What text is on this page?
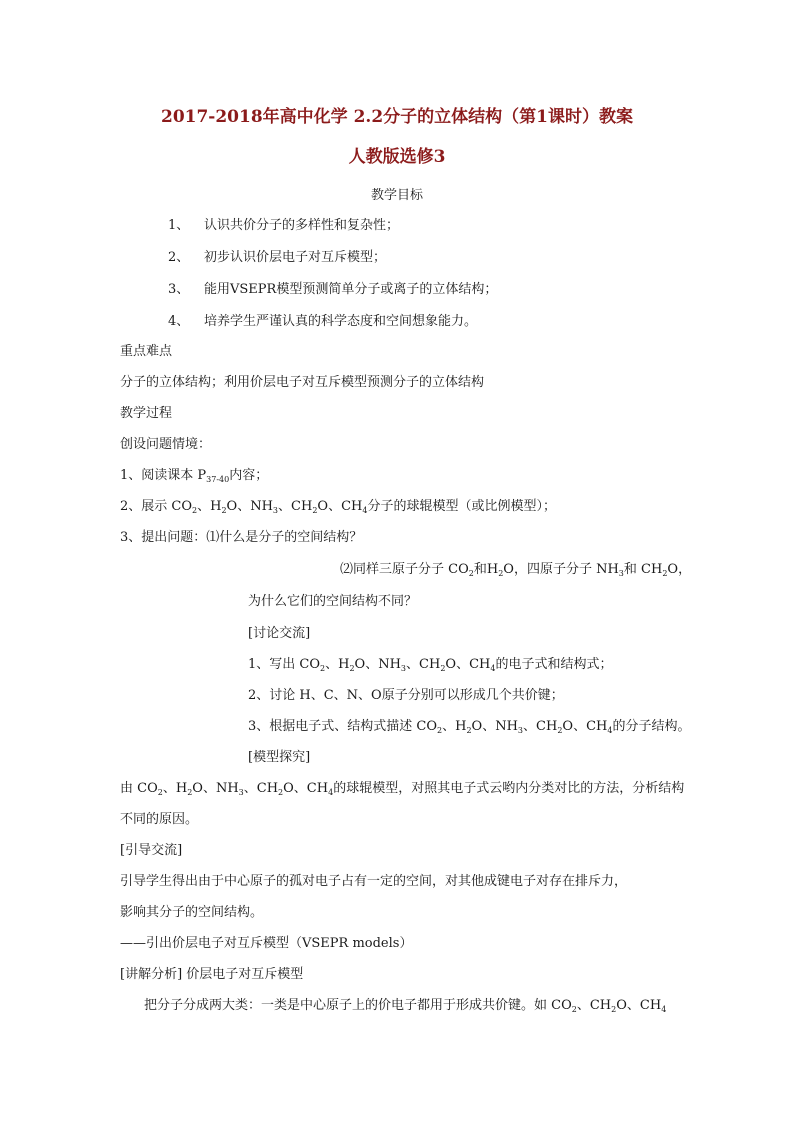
2017-2018年高中化学 2.2分子的立体结构（第1课时）教案
人教版选修3
教学目标
1、 认识共价分子的多样性和复杂性；
2、 初步认识价层电子对互斥模型；
3、 能用VSEPR模型预测简单分子或离子的立体结构；
4、 培养学生严谨认真的科学态度和空间想象能力。
重点难点
分子的立体结构；利用价层电子对互斥模型预测分子的立体结构
教学过程
创设问题情境：
1、阅读课本 $P_{37-40}$内容；
2、展示 $CO_2$、$H_2O$、$NH_3$、$CH_2O$、$CH_4$分子的球辊模型（或比例模型）；
3、提出问题：⑴什么是分子的空间结构？
⑵同样三原子分子 $CO_2$和$H_2O$，四原子分子 $NH_3$和 $CH_2O$，
为什么它们的空间结构不同？
[讨论交流]
1、写出 $CO_2$、$H_2O$、$NH_3$、$CH_2O$、$CH_4$的电子式和结构式；
2、讨论 H、C、N、O原子分别可以形成几个共价键；
3、根据电子式、结构式描述 $CO_2$、$H_2O$、$NH_3$、$CH_2O$、$CH_4$的分子结构。
[模型探究]
由 $CO_2$、$H_2O$、$NH_3$、$CH_2O$、$CH_4$的球辊模型，对照其电子式云哟内分类对比的方法，分析结构
不同的原因。
[引导交流]
引导学生得出由于中心原子的孤对电子占有一定的空间，对其他成键电子对存在排斥力，
影响其分子的空间结构。
——引出价层电子对互斥模型（VSEPR models）
[讲解分析] 价层电子对互斥模型
把分子分成两大类：一类是中心原子上的价电子都用于形成共价键。如 $CO_2$、$CH_2O$、$CH_4$
